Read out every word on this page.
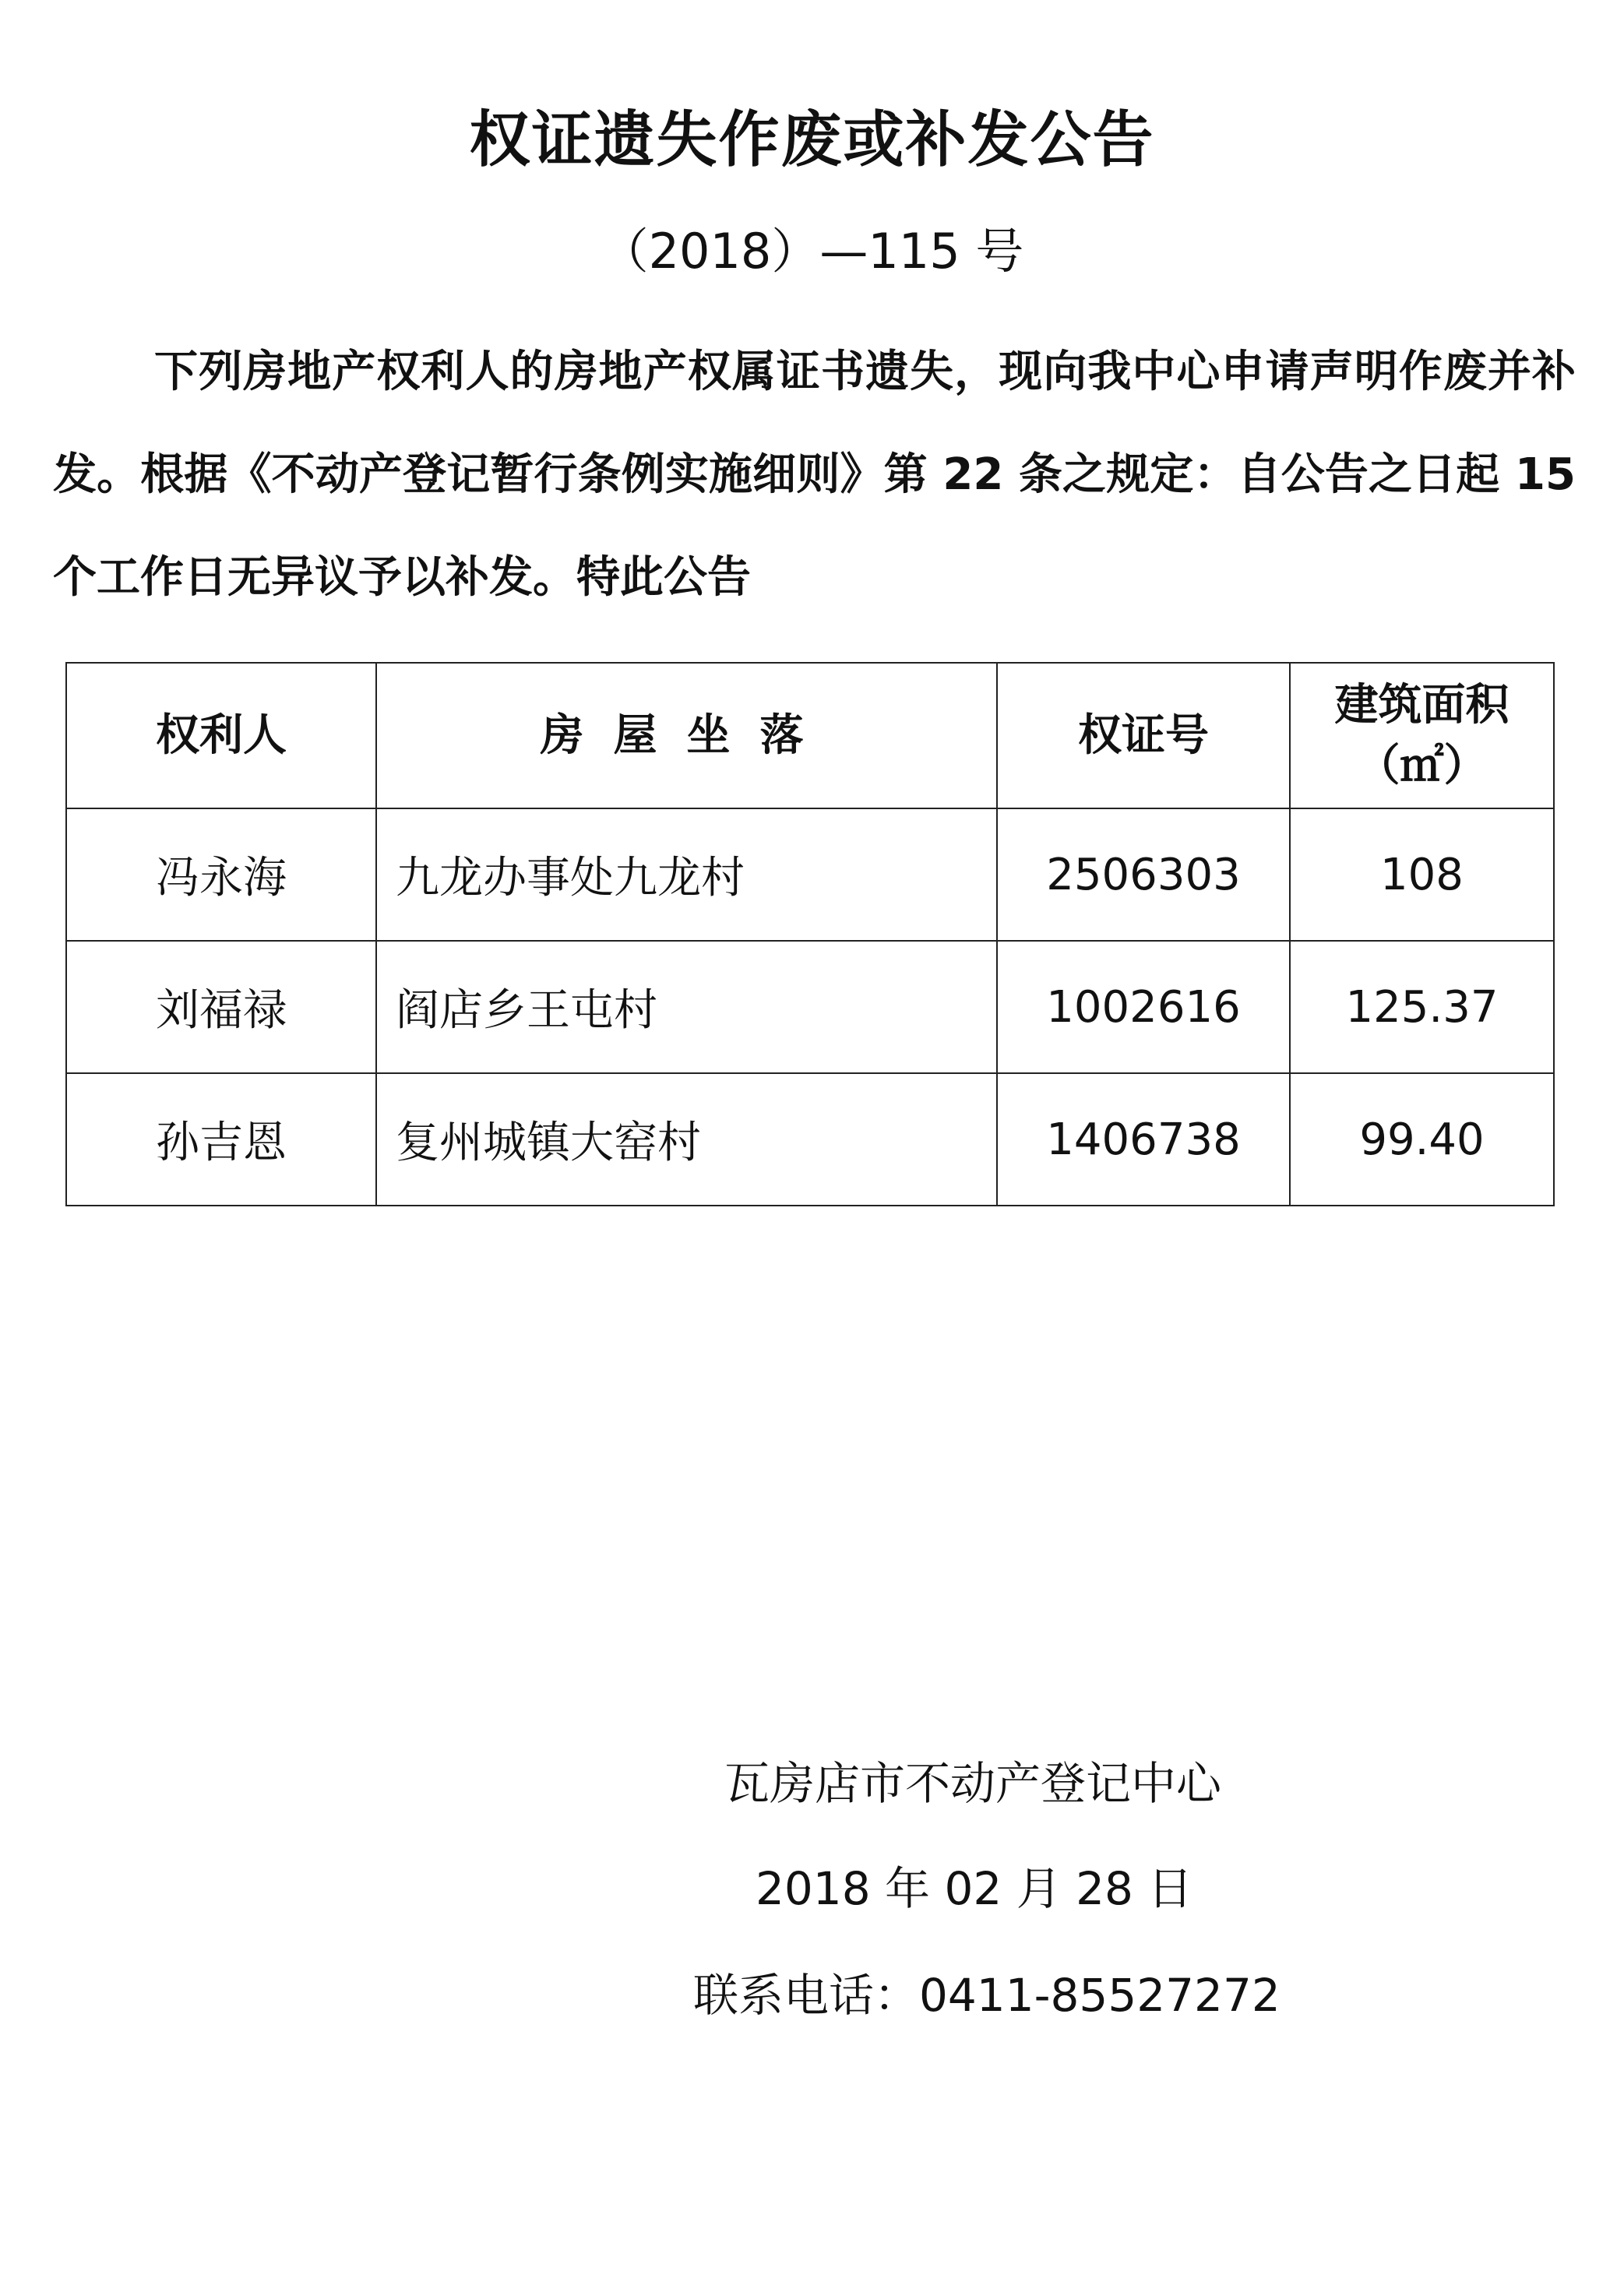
权证遗失作废或补发公告
（2018）—115 号
下列房地产权利人的房地产权属证书遗失，现向我中心申请声明作废并补发。根据《不动产登记暂行条例实施细则》第 22 条之规定：自公告之日起 15 个工作日无异议予以补发。特此公告
权利人	房屋坐落	权证号	建筑面积
（㎡）

冯永海	九龙办事处九龙村	2506303	108
刘福禄	阎店乡王屯村	1002616	125.37
孙吉恩	复州城镇大窑村	1406738	99.40
瓦房店市不动产登记中心
2018 年 02 月 28 日
联系电话：0411-85527272
